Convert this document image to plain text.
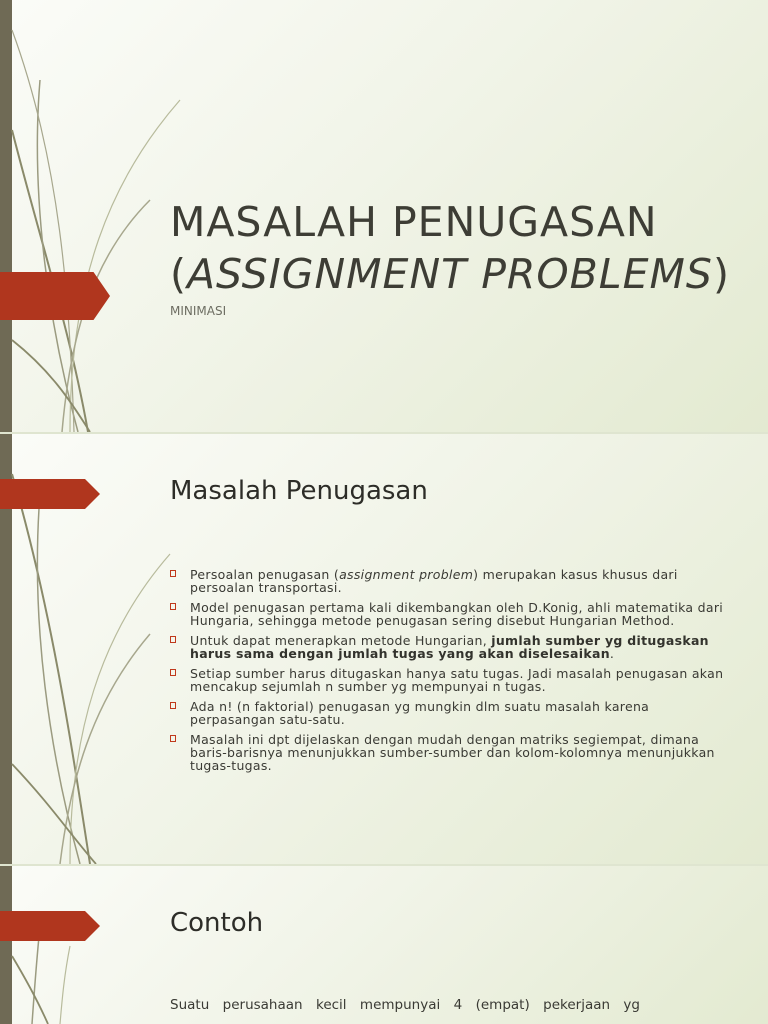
MASALAH PENUGASAN
(ASSIGNMENT PROBLEMS)
MINIMASI
Masalah Penugasan
Persoalan penugasan (assignment problem) merupakan kasus khusus dari persoalan transportasi.
Model penugasan pertama kali dikembangkan oleh D.Konig, ahli matematika dari Hungaria, sehingga metode penugasan sering disebut Hungarian Method.
Untuk dapat menerapkan metode Hungarian, jumlah sumber yg ditugaskan harus sama dengan jumlah tugas yang akan diselesaikan.
Setiap sumber harus ditugaskan hanya satu tugas. Jadi masalah penugasan akan mencakup sejumlah n sumber yg mempunyai n tugas.
Ada n! (n faktorial) penugasan yg mungkin dlm suatu masalah karena perpasangan satu-satu.
Masalah ini dpt dijelaskan dengan mudah dengan matriks segiempat, dimana baris-barisnya menunjukkan sumber-sumber dan kolom-kolomnya menunjukkan tugas-tugas.
Contoh
Suatu perusahaan kecil mempunyai 4 (empat) pekerjaan yg
